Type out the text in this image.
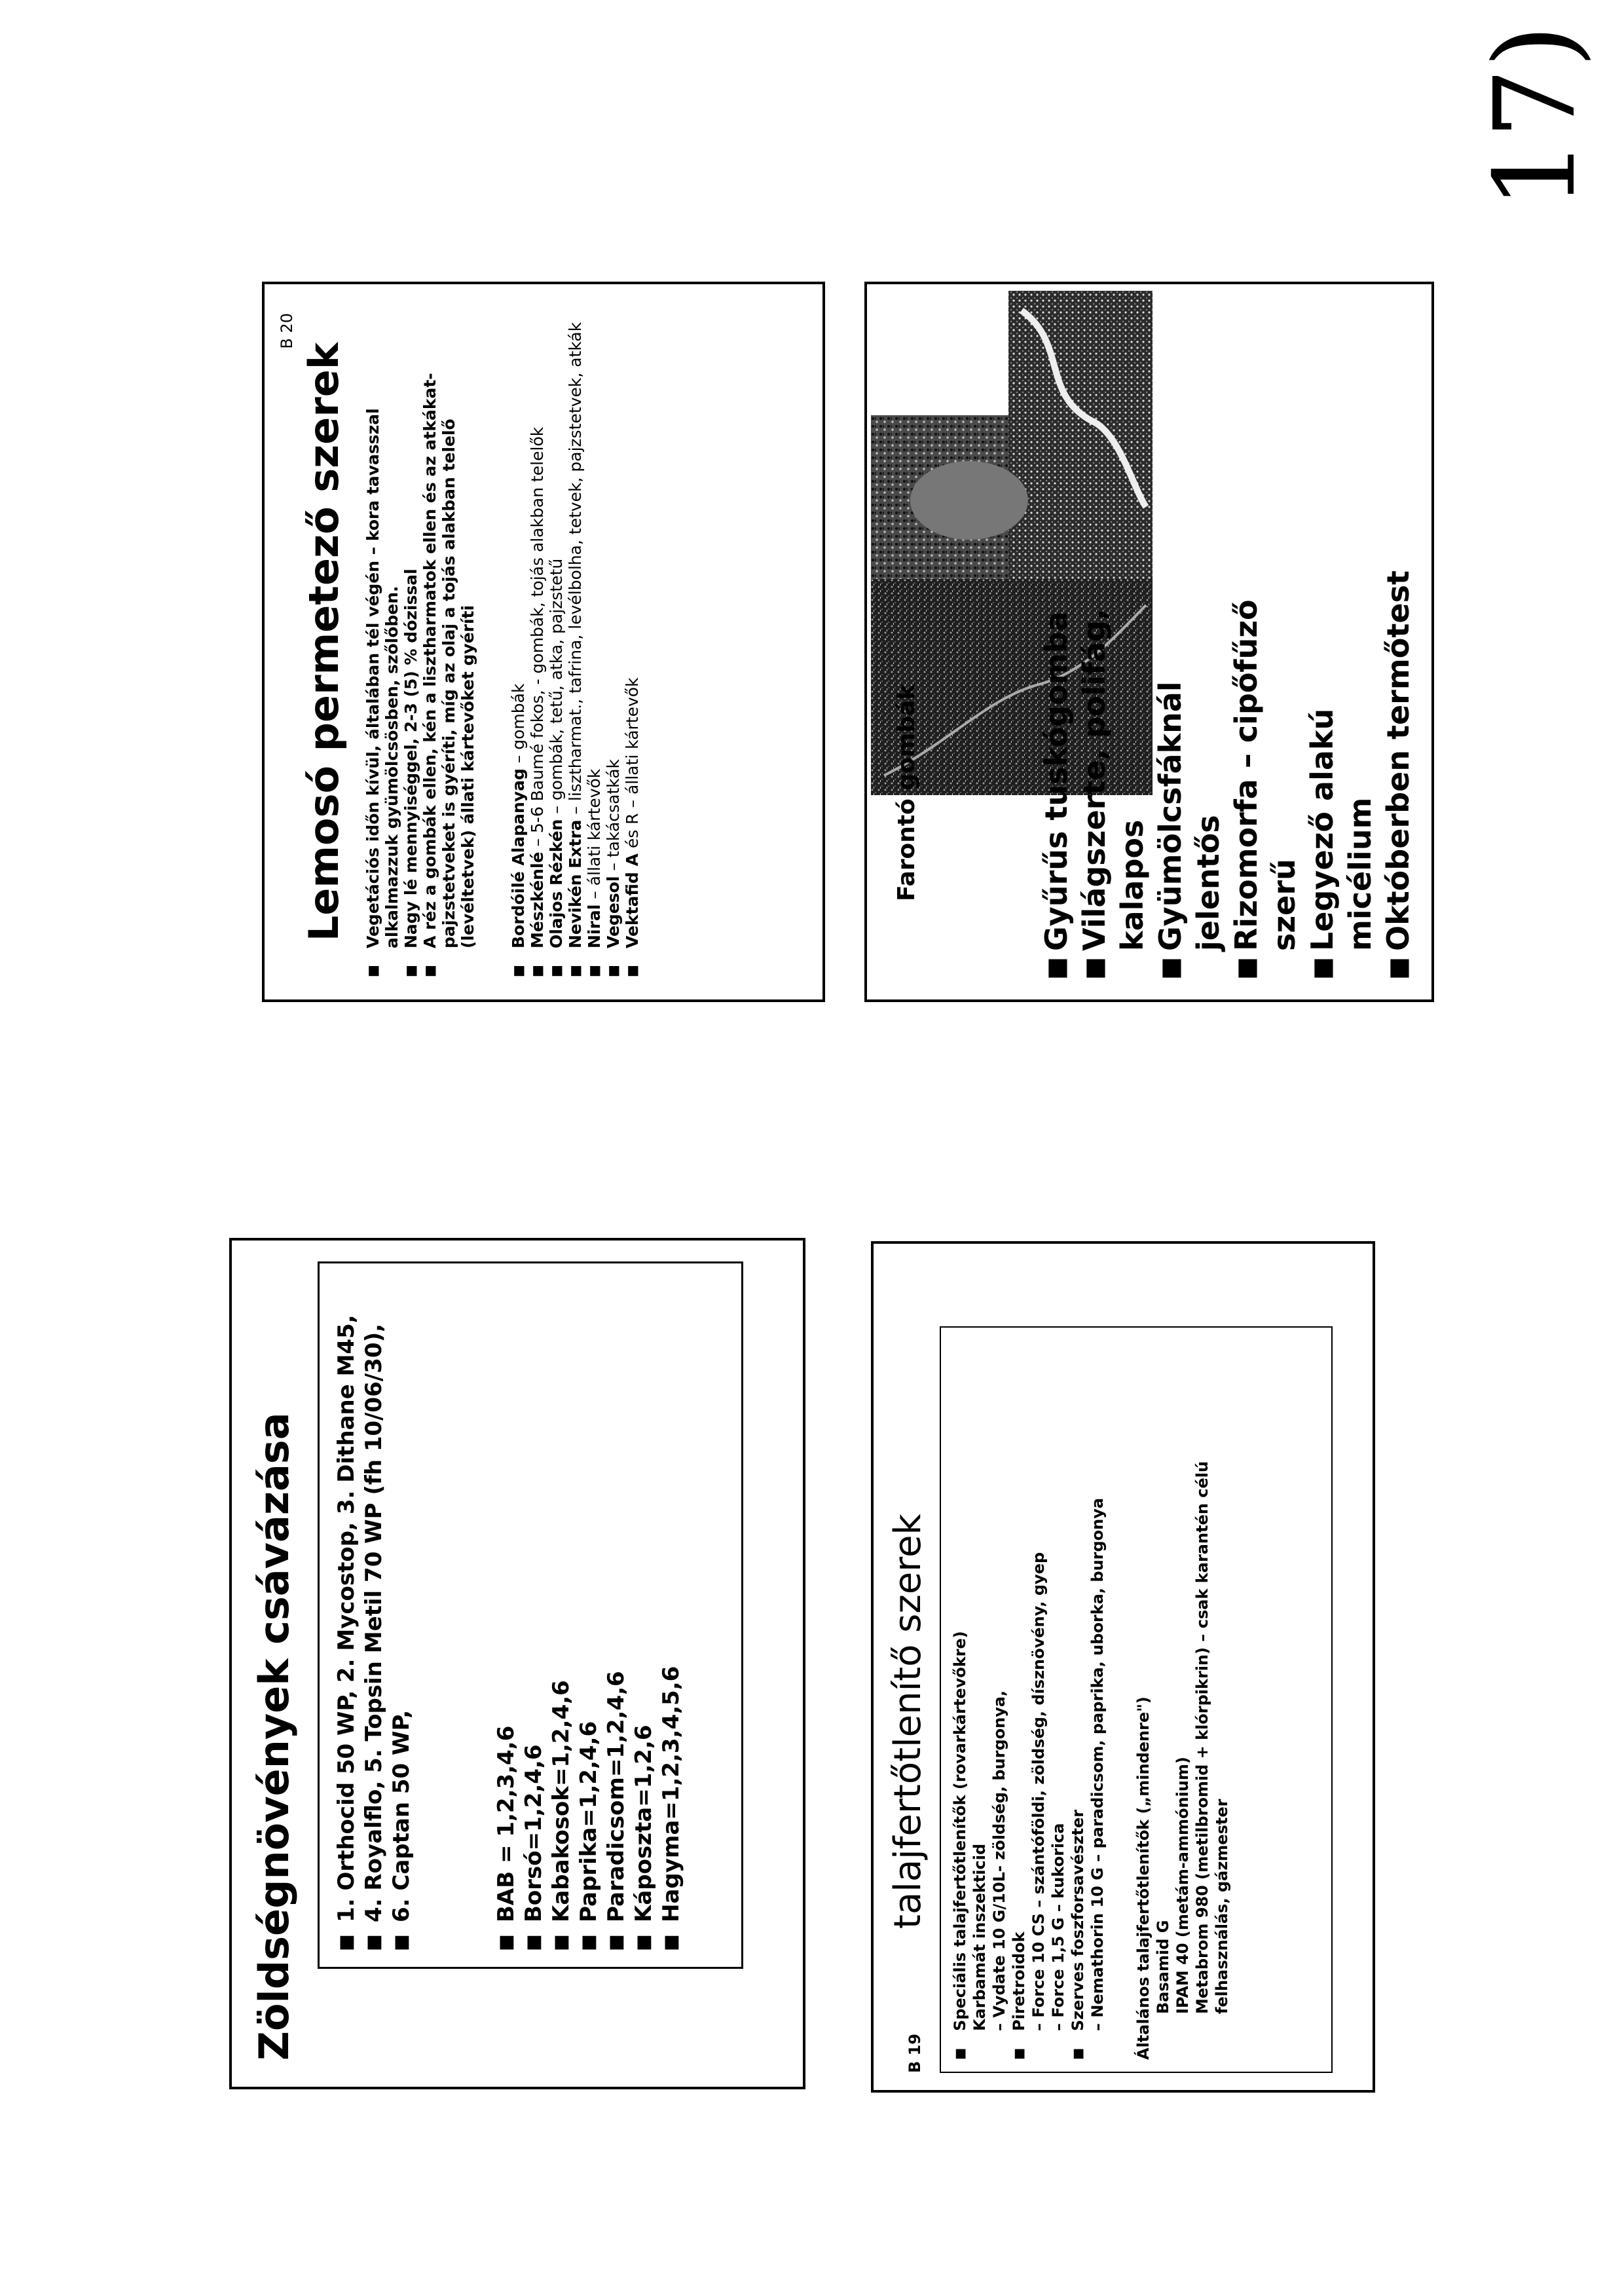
17)
Zöldségnövények csávázása ■ 1. Orthocid 50 WP, 2. Mycostop, 3. Dithane M45, ■ 4. Royalflo, 5. Topsin Metil 70 WP (fh 10/06/30), ■ 6. Captan 50 WP,	■ BAB = 1,2,3,4,6 ■ Borsó=1,2,4,6 ■ Kabakosok=1,2,4,6 ■ Paprika=1,2,4,6 ■ Paradicsom=1,2,4,6 ■ Káposzta=1,2,6 ■ Hagyma=1,2,3,4,5,6
B 20
Lemosó permetező szerek ■ Vegetációs időn kívül, általában tél végén – kora tavasszal alkalmazzuk gyümölcsösben, szőlőben. ■ Nagy lé mennyiséggel, 2-3 (5) % dózissal ■ A réz a gombák ellen, kén a lisztharmatok ellen és az atkákat-pajzstetveket is gyéríti, míg az olaj a tojás alakban telelő (levéltetvek) állati kártevőket gyéríti ■ Bordóilé Alapanyag – gombák
■ Mészkénlé – 5-6 Baumé fokos, - gombák, tojás alakban telelők
■ Olajos Rézkén – gombák, tetű, atka, pajzstetű
■ Nevikén Extra – lisztharmat., tafrina, levélbolha, tetvek, pajzstetvek, atkák
■ Niral – állati kártevők
■ Vegesol – takácsatkák
■ Vektafid A és R – állati kártevők
B 19
talajfertőtlenítő szerek ■ Speciális talajfertőtlenítők (rovarkártevőkre) Karbamát inszekticid – Vydate 10 G/10L- zöldség, burgonya, ■ Piretroidok – Force 10 CS – szántóföldi, zöldség, dísznövény, gyep – Force 1,5 G – kukorica ■ Szerves foszforsavészter – Nemathorin 10 G – paradicsom, paprika, uborka, burgonya Általános talajfertőtlenítők („mindenre") Basamid G IPAM 40 (metám-ammónium) Metabrom 980 (metilbromid + klórpikrin) – csak karantén célú felhasználás, gázmester
Farontó gombák	■ Gyűrűs tuskógomba ■ Világszerte, polifág, kalapos ■ Gyümölcsfáknál jelentős ■ Rizomorfa – cipőfűző szerű ■ Legyező alakú micélium ■ Októberben termőtest
